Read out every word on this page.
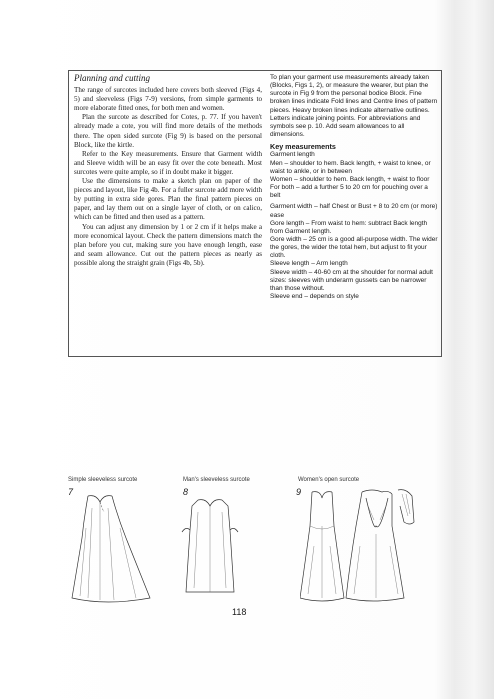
Planning and cutting

The range of surcotes included here covers both sleeved (Figs 4, 5) and sleeveless (Figs 7-9) versions, from simple garments to more elaborate fitted ones, for both men and women.

Plan the surcote as described for Cotes, p. 77. If you haven't already made a cote, you will find more details of the methods there. The open sided surcote (Fig 9) is based on the personal Block, like the kirtle.

Refer to the Key measurements. Ensure that Garment width and Sleeve width will be an easy fit over the cote beneath. Most surcotes were quite ample, so if in doubt make it bigger.

Use the dimensions to make a sketch plan on paper of the pieces and layout, like Fig 4b. For a fuller surcote add more width by putting in extra side gores. Plan the final pattern pieces on paper, and lay them out on a single layer of cloth, or on calico, which can be fitted and then used as a pattern.

You can adjust any dimension by 1 or 2 cm if it helps make a more economical layout. Check the pattern dimensions match the plan before you cut, making sure you have enough length, ease and seam allowance. Cut out the pattern pieces as nearly as possible along the straight grain (Figs 4b, 5b).

To plan your garment use measurements already taken (Blocks, Figs 1, 2), or measure the wearer, but plan the surcote in Fig 9 from the personal bodice Block. Fine broken lines indicate Fold lines and Centre lines of pattern pieces. Heavy broken lines indicate alternative outlines. Letters indicate joining points. For abbreviations and symbols see p. 10. Add seam allowances to all dimensions.

Key measurements

Garment length

Men – shoulder to hem. Back length, + waist to knee, or waist to ankle, or in between

Women – shoulder to hem. Back length, + waist to floor

For both – add a further 5 to 20 cm for pouching over a belt

Garment width – half Chest or Bust + 8 to 20 cm (or more) ease

Gore length – From waist to hem: subtract Back length from Garment length.

Gore width – 25 cm is a good all-purpose width. The wider the gores, the wider the total hem, but adjust to fit your cloth.

Sleeve length – Arm length

Sleeve width – 40-60 cm at the shoulder for normal adult sizes: sleeves with underarm gussets can be narrower than those without.

Sleeve end – depends on style

Simple sleeveless surcote
7
Man's sleeveless surcote
8
Women's open surcote
9
118
